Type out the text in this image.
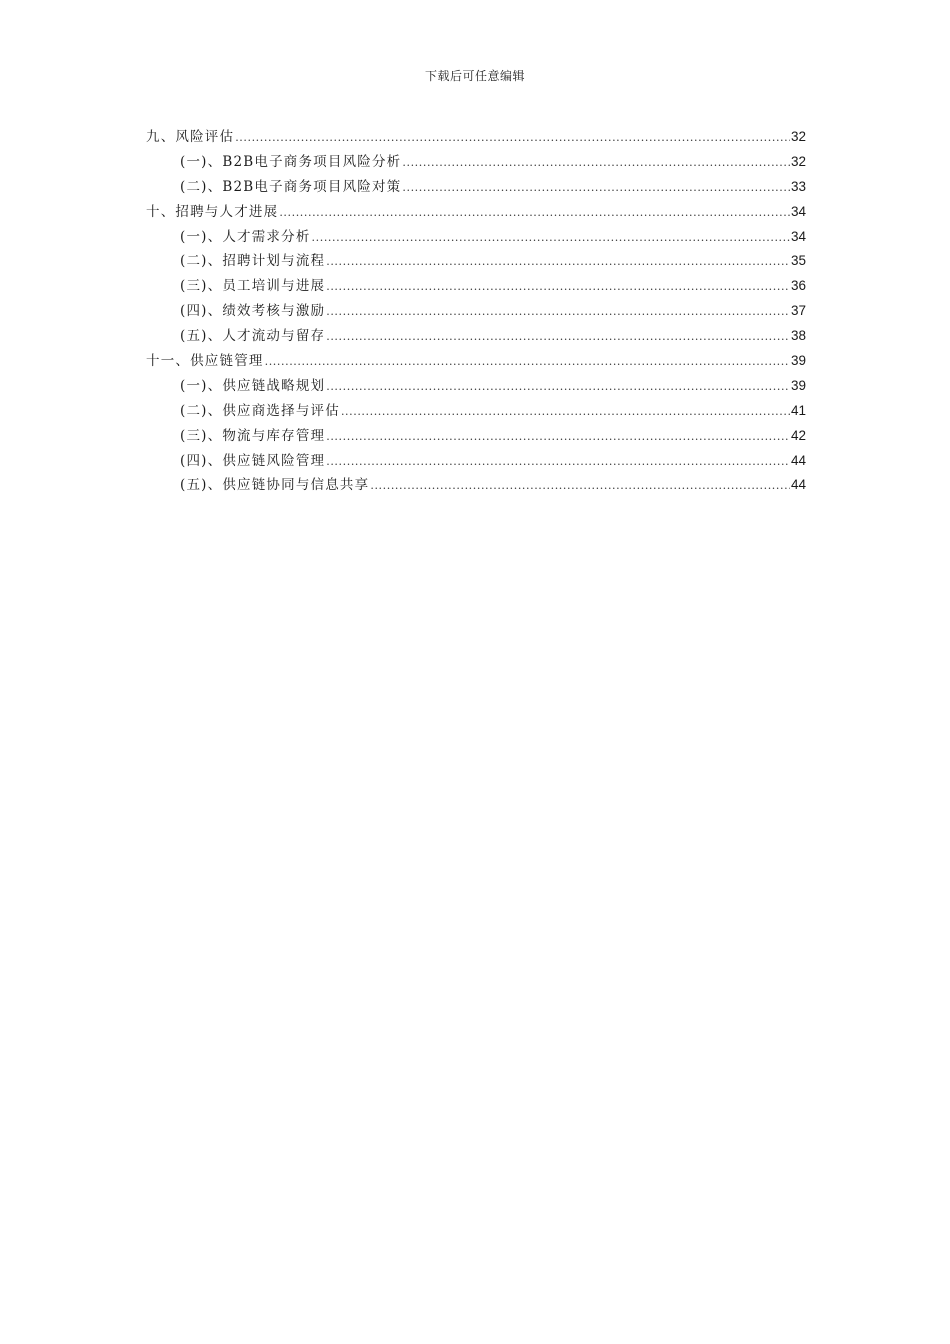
下载后可任意编辑
九、风险评估 .....	32
(一)、B2B电子商务项目风险分析 .....	32
(二)、B2B电子商务项目风险对策 .....	33
十、招聘与人才进展 .....	34
(一)、人才需求分析 .....	34
(二)、招聘计划与流程 .....	35
(三)、员工培训与进展 .....	36
(四)、绩效考核与激励 .....	37
(五)、人才流动与留存 .....	38
十一、供应链管理 .....	39
(一)、供应链战略规划 .....	39
(二)、供应商选择与评估 .....	41
(三)、物流与库存管理 .....	42
(四)、供应链风险管理 .....	44
(五)、供应链协同与信息共享 .....	44
